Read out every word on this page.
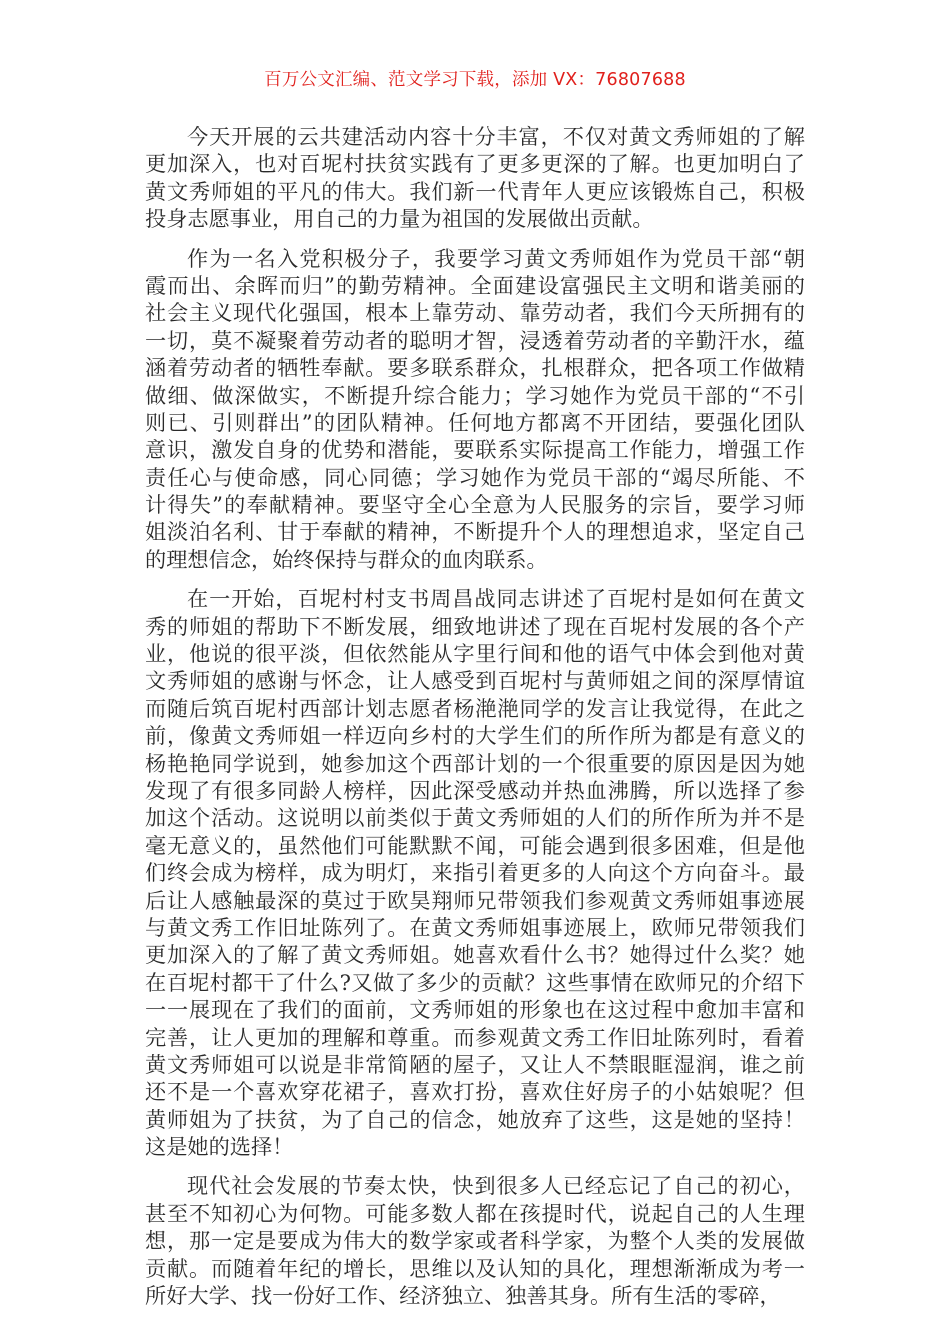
百万公文汇编、范文学习下载，添加 VX：76807688
今天开展的云共建活动内容十分丰富，不仅对黄文秀师姐的了解
更加深入，也对百坭村扶贫实践有了更多更深的了解。也更加明白了
黄文秀师姐的平凡的伟大。我们新一代青年人更应该锻炼自己，积极
投身志愿事业，用自己的力量为祖国的发展做出贡献。
作为一名入党积极分子，我要学习黄文秀师姐作为党员干部“朝
霞而出、余晖而归”的勤劳精神。全面建设富强民主文明和谐美丽的
社会主义现代化强国，根本上靠劳动、靠劳动者，我们今天所拥有的
一切，莫不凝聚着劳动者的聪明才智，浸透着劳动者的辛勤汗水，蕴
涵着劳动者的牺牲奉献。要多联系群众，扎根群众，把各项工作做精
做细、做深做实，不断提升综合能力；学习她作为党员干部的“不引
则已、引则群出”的团队精神。任何地方都离不开团结，要强化团队
意识，激发自身的优势和潜能，要联系实际提高工作能力，增强工作
责任心与使命感，同心同德；学习她作为党员干部的“竭尽所能、不
计得失”的奉献精神。要坚守全心全意为人民服务的宗旨，要学习师
姐淡泊名利、甘于奉献的精神，不断提升个人的理想追求，坚定自己
的理想信念，始终保持与群众的血肉联系。
在一开始，百坭村村支书周昌战同志讲述了百坭村是如何在黄文
秀的师姐的帮助下不断发展，细致地讲述了现在百坭村发展的各个产
业，他说的很平淡，但依然能从字里行间和他的语气中体会到他对黄
文秀师姐的感谢与怀念，让人感受到百坭村与黄师姐之间的深厚情谊
而随后筑百坭村西部计划志愿者杨滟滟同学的发言让我觉得，在此之
前，像黄文秀师姐一样迈向乡村的大学生们的所作所为都是有意义的
杨艳艳同学说到，她参加这个西部计划的一个很重要的原因是因为她
发现了有很多同龄人榜样，因此深受感动并热血沸腾，所以选择了参
加这个活动。这说明以前类似于黄文秀师姐的人们的所作所为并不是
毫无意义的，虽然他们可能默默不闻，可能会遇到很多困难，但是他
们终会成为榜样，成为明灯，来指引着更多的人向这个方向奋斗。最
后让人感触最深的莫过于欧昊翔师兄带领我们参观黄文秀师姐事迹展
与黄文秀工作旧址陈列了。在黄文秀师姐事迹展上，欧师兄带领我们
更加深入的了解了黄文秀师姐。她喜欢看什么书？她得过什么奖？她
在百坭村都干了什么?又做了多少的贡献？这些事情在欧师兄的介绍下
一一展现在了我们的面前，文秀师姐的形象也在这过程中愈加丰富和
完善，让人更加的理解和尊重。而参观黄文秀工作旧址陈列时，看着
黄文秀师姐可以说是非常简陋的屋子，又让人不禁眼眶湿润，谁之前
还不是一个喜欢穿花裙子，喜欢打扮，喜欢住好房子的小姑娘呢？但
黄师姐为了扶贫，为了自己的信念，她放弃了这些，这是她的坚持！
这是她的选择！
现代社会发展的节奏太快，快到很多人已经忘记了自己的初心，
甚至不知初心为何物。可能多数人都在孩提时代，说起自己的人生理
想，那一定是要成为伟大的数学家或者科学家，为整个人类的发展做
贡献。而随着年纪的增长，思维以及认知的具化，理想渐渐成为考一
所好大学、找一份好工作、经济独立、独善其身。所有生活的零碎，
